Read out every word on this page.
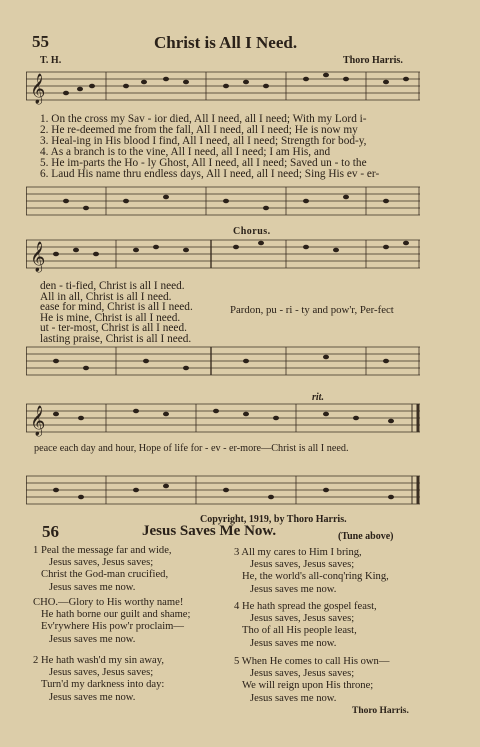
55	Christ is All I Need.
T. H.	Thoro Harris.
𝄞
1. On the cross my Sav - ior died, All I need, all I need; With my Lord i-
2. He re-deemed me from the fall, All I need, all I need; He is now my
3. Heal-ing in His blood I find, All I need, all I need; Strength for bod-y,
4. As a branch is to the vine, All I need, all I need; I am His, and
5. He im-parts the Ho - ly Ghost, All I need, all I need; Saved un - to the
6. Laud His name thru endless days, All I need, all I need; Sing His ev - er-
Chorus.
𝄞
den - ti-fied, Christ is all I need.
All in all, Christ is all I need.
ease for mind, Christ is all I need.
He is mine, Christ is all I need.
ut - ter-most, Christ is all I need.
lasting praise, Christ is all I need.
Pardon, pu - ri - ty and pow'r, Per-fect
rit.
𝄞
peace each day and hour, Hope of life for - ev - er-more—Christ is all I need.
Copyright, 1919, by Thoro Harris.
56	Jesus Saves Me Now.	(Tune above)
1 Peal the message far and wide,
Jesus saves, Jesus saves;
Christ the God-man crucified,
Jesus saves me now.
CHO.—Glory to His worthy name!
He hath borne our guilt and shame;
Ev'rywhere His pow'r proclaim—
Jesus saves me now.
2 He hath wash'd my sin away,
Jesus saves, Jesus saves;
Turn'd my darkness into day:
Jesus saves me now.
3 All my cares to Him I bring,
Jesus saves, Jesus saves;
He, the world's all-conq'ring King,
Jesus saves me now.
4 He hath spread the gospel feast,
Jesus saves, Jesus saves;
Tho of all His people least,
Jesus saves me now.
5 When He comes to call His own—
Jesus saves, Jesus saves;
We will reign upon His throne;
Jesus saves me now.
Thoro Harris.
